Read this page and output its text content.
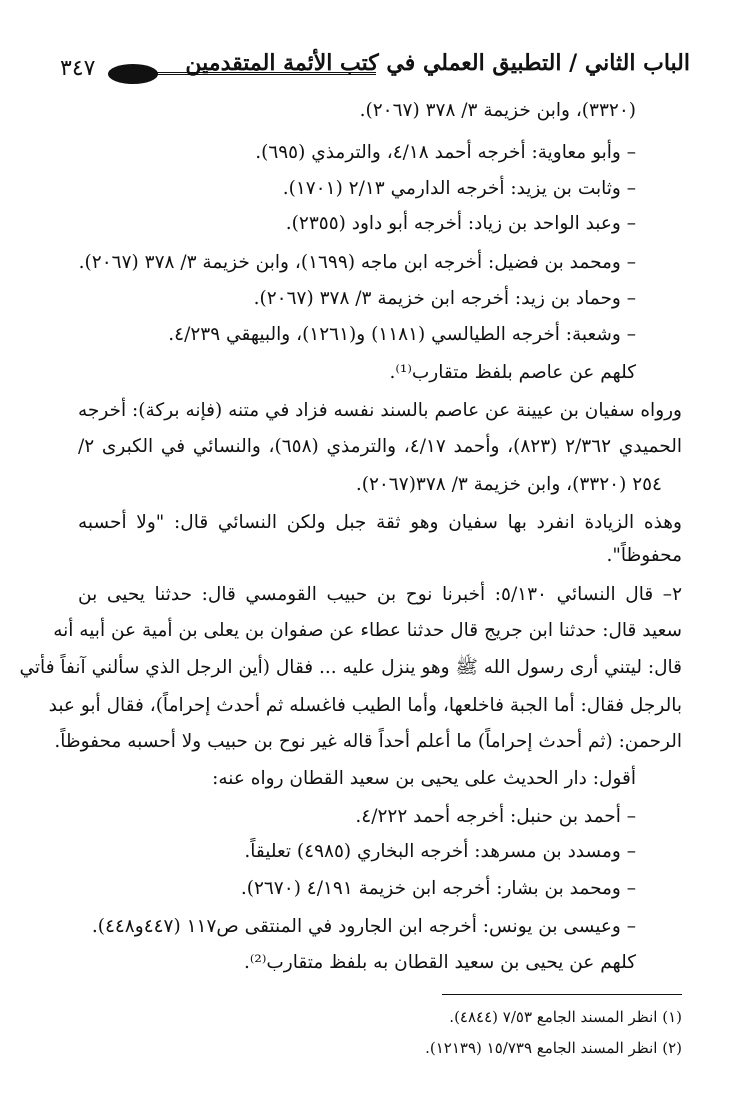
٣٤٧	الباب الثاني / التطبيق العملي في كتب الأئمة المتقدمين
(٣٣٢٠)، وابن خزيمة ٣/ ٣٧٨ (٢٠٦٧).
– وأبو معاوية: أخرجه أحمد ٤/١٨، والترمذي (٦٩٥).
– وثابت بن يزيد: أخرجه الدارمي ٢/١٣ (١٧٠١).
– وعبد الواحد بن زياد: أخرجه أبو داود (٢٣٥٥).
– ومحمد بن فضيل: أخرجه ابن ماجه (١٦٩٩)، وابن خزيمة ٣/ ٣٧٨ (٢٠٦٧).
– وحماد بن زيد: أخرجه ابن خزيمة ٣/ ٣٧٨ (٢٠٦٧).
– وشعبة: أخرجه الطيالسي (١١٨١) و(١٢٦١)، والبيهقي ٤/٢٣٩.
كلهم عن عاصم بلفظ متقارب⁽¹⁾.
ورواه سفيان بن عيينة عن عاصم بالسند نفسه فزاد في متنه (فإنه بركة): أخرجه
الحميدي ٢/٣٦٢ (٨٢٣)، وأحمد ٤/١٧، والترمذي (٦٥٨)، والنسائي في الكبرى ٢/
٢٥٤ (٣٣٢٠)، وابن خزيمة ٣/ ٣٧٨(٢٠٦٧).
وهذه الزيادة انفرد بها سفيان وهو ثقة جبل ولكن النسائي قال: "ولا أحسبه
محفوظاً".
٢– قال النسائي ٥/١٣٠: أخبرنا نوح بن حبيب القومسي قال: حدثنا يحيى بن
سعيد قال: حدثنا ابن جريج قال حدثنا عطاء عن صفوان بن يعلى بن أمية عن أبيه أنه
قال: ليتني أرى رسول الله ﷺ وهو ينزل عليه ... فقال (أين الرجل الذي سألني آنفاً فأتي
بالرجل فقال: أما الجبة فاخلعها، وأما الطيب فاغسله ثم أحدث إحراماً)، فقال أبو عبد
الرحمن: (ثم أحدث إحراماً) ما أعلم أحداً قاله غير نوح بن حبيب ولا أحسبه محفوظاً.
أقول: دار الحديث على يحيى بن سعيد القطان رواه عنه:
– أحمد بن حنبل: أخرجه أحمد ٤/٢٢٢.
– ومسدد بن مسرهد: أخرجه البخاري (٤٩٨٥) تعليقاً.
– ومحمد بن بشار: أخرجه ابن خزيمة ٤/١٩١ (٢٦٧٠).
– وعيسى بن يونس: أخرجه ابن الجارود في المنتقى ص١١٧ (٤٤٧و٤٤٨).
كلهم عن يحيى بن سعيد القطان به بلفظ متقارب⁽²⁾.
(١) انظر المسند الجامع ٧/٥٣ (٤٨٤٤).
(٢) انظر المسند الجامع ١٥/٧٣٩ (١٢١٣٩).
